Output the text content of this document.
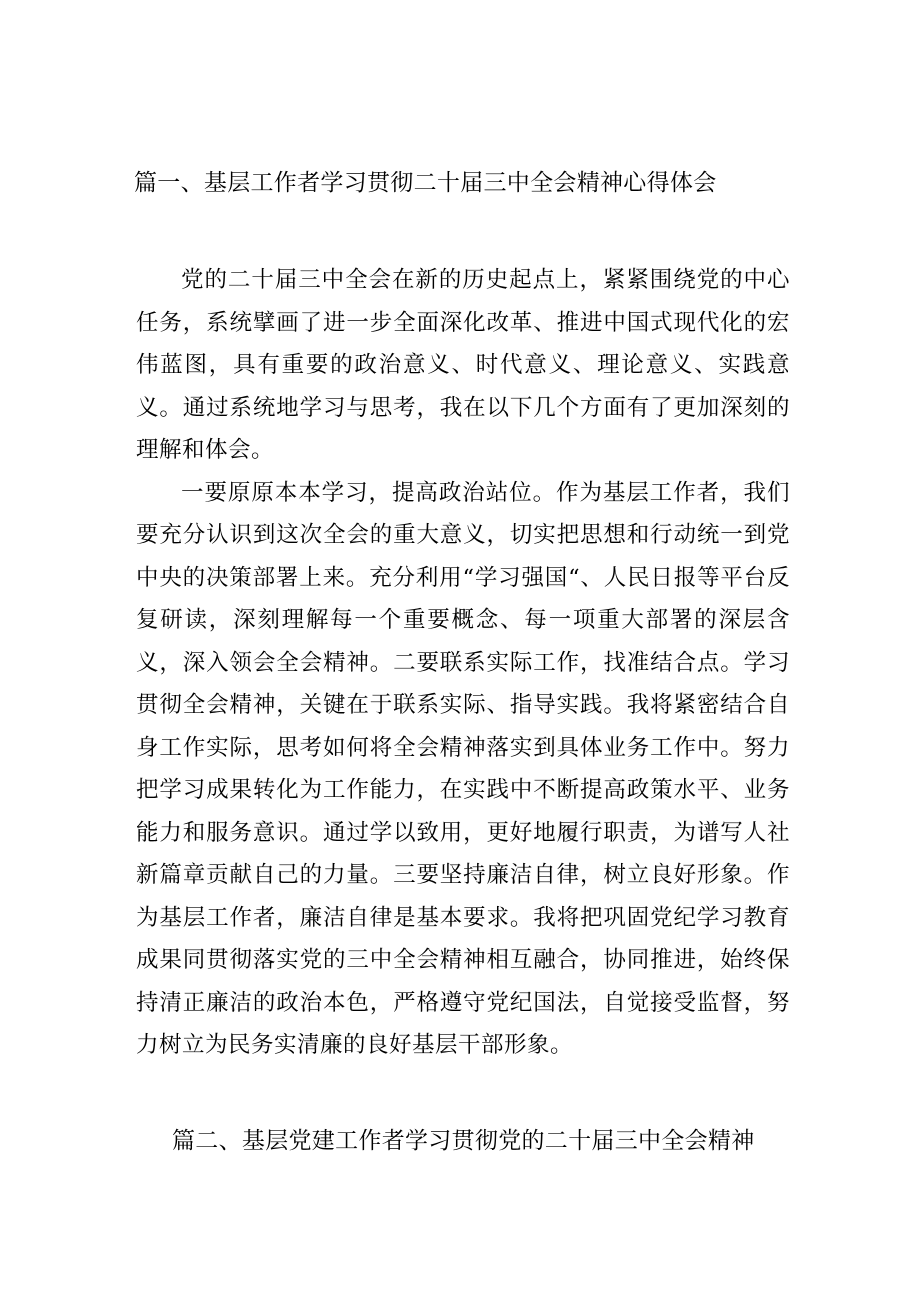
篇一、基层工作者学习贯彻二十届三中全会精神心得体会

党的二十届三中全会在新的历史起点上，紧紧围绕党的中心任务，系统擘画了进一步全面深化改革、推进中国式现代化的宏伟蓝图，具有重要的政治意义、时代意义、理论意义、实践意义。通过系统地学习与思考，我在以下几个方面有了更加深刻的理解和体会。

一要原原本本学习，提高政治站位。作为基层工作者，我们要充分认识到这次全会的重大意义，切实把思想和行动统一到党中央的决策部署上来。充分利用“学习强国“、人民日报等平台反复研读，深刻理解每一个重要概念、每一项重大部署的深层含义，深入领会全会精神。二要联系实际工作，找准结合点。学习贯彻全会精神，关键在于联系实际、指导实践。我将紧密结合自身工作实际，思考如何将全会精神落实到具体业务工作中。努力把学习成果转化为工作能力，在实践中不断提高政策水平、业务能力和服务意识。通过学以致用，更好地履行职责，为谱写人社新篇章贡献自己的力量。三要坚持廉洁自律，树立良好形象。作为基层工作者，廉洁自律是基本要求。我将把巩固党纪学习教育成果同贯彻落实党的三中全会精神相互融合，协同推进，始终保持清正廉洁的政治本色，严格遵守党纪国法，自觉接受监督，努力树立为民务实清廉的良好基层干部形象。

篇二、基层党建工作者学习贯彻党的二十届三中全会精神
